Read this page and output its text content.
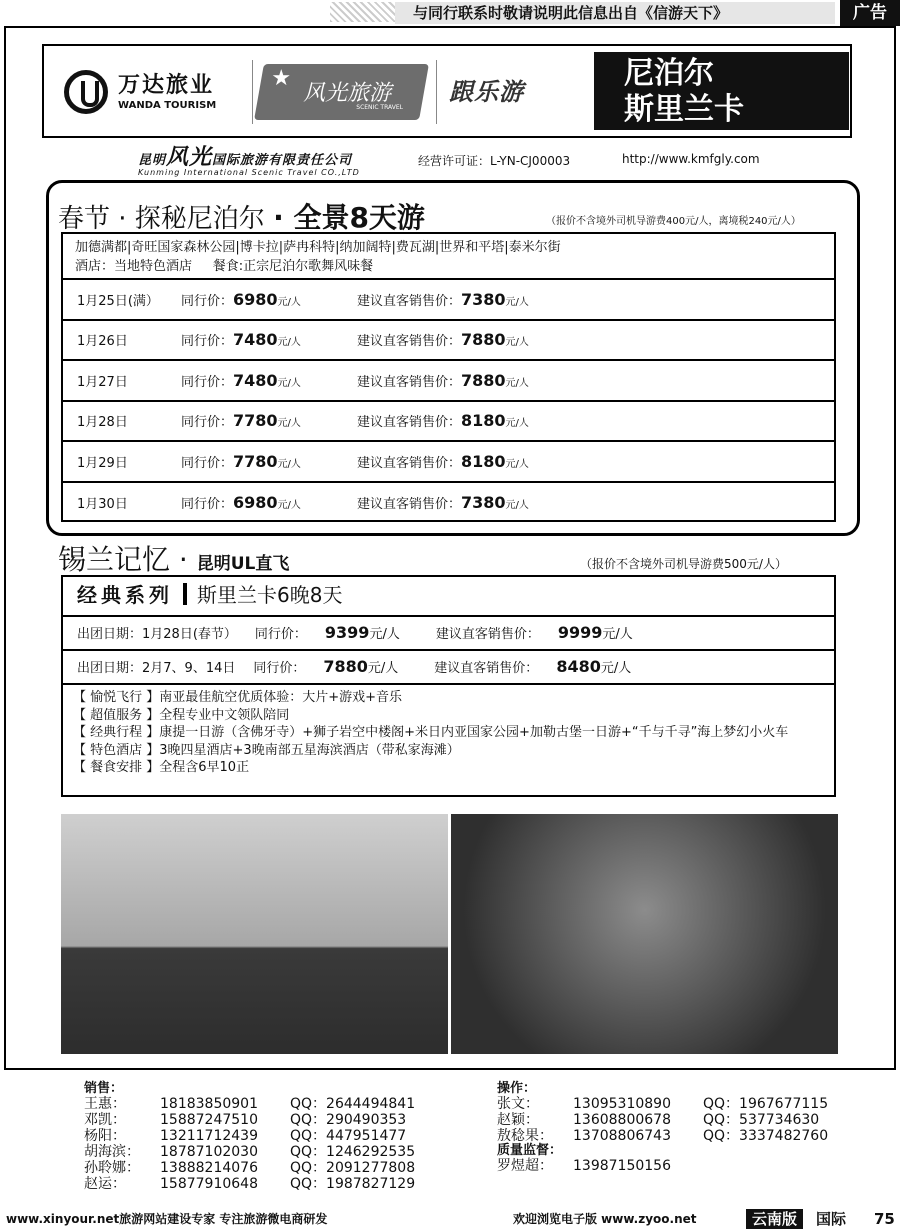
与同行联系时敬请说明此信息出自《信游天下》	广告
万达旅业
WANDA TOURISM
★
风光旅游
SCENIC TRAVEL
跟乐游
尼泊尔
斯里兰卡
昆明风光国际旅游有限责任公司
Kunming International Scenic Travel CO.,LTD
经营许可证：L-YN-CJ00003	http://www.kmfgly.com
春节 · 探秘尼泊尔 · 全景8天游	（报价不含境外司机导游费400元/人，离境税240元/人）
加德满都|奇旺国家森林公园|博卡拉|萨冉科特|纳加阔特|费瓦湖|世界和平塔|泰米尔街
酒店：当地特色酒店 餐食:正宗尼泊尔歌舞风味餐
1月25日(满）	同行价：6980元/人	建议直客销售价：7380元/人
1月26日	同行价：7480元/人	建议直客销售价：7880元/人
1月27日	同行价：7480元/人	建议直客销售价：7880元/人
1月28日	同行价：7780元/人	建议直客销售价：8180元/人
1月29日	同行价：7780元/人	建议直客销售价：8180元/人
1月30日	同行价：6980元/人	建议直客销售价：7380元/人
锡兰记忆 · 昆明UL直飞	（报价不含境外司机导游费500元/人）
经典系列 斯里兰卡6晚8天
出团日期：1月28日(春节） 同行价： 9399元/人	建议直客销售价： 9999元/人
出团日期：2月7、9、14日 同行价： 7880元/人	建议直客销售价： 8480元/人
【 愉悦飞行 】南亚最佳航空优质体验：大片+游戏+音乐
【 超值服务 】全程专业中文领队陪同
【 经典行程 】康提一日游（含佛牙寺）+狮子岩空中楼阁+米日内亚国家公园+加勒古堡一日游+“千与千寻”海上梦幻小火车
【 特色酒店 】3晚四星酒店+3晚南部五星海滨酒店（带私家海滩）
【 餐食安排 】全程含6早10正
销售：
王惠：	18183850901	QQ：2644494841
邓凯：	15887247510	QQ：290490353
杨阳：	13211712439	QQ：447951477
胡海滨：	18787102030	QQ：1246292535
孙聆娜：	13888214076	QQ：2091277808
赵运：	15877910648	QQ：1987827129
操作：
张文：	13095310890	QQ：1967677115
赵颖：	13608800678	QQ：537734630
敖稔果：	13708806743	QQ：3337482760
质量监督：
罗煜超：	13987150156
www.xinyour.net旅游网站建设专家 专注旅游微电商研发	欢迎浏览电子版 www.zyoo.net	云南版	国际 75
